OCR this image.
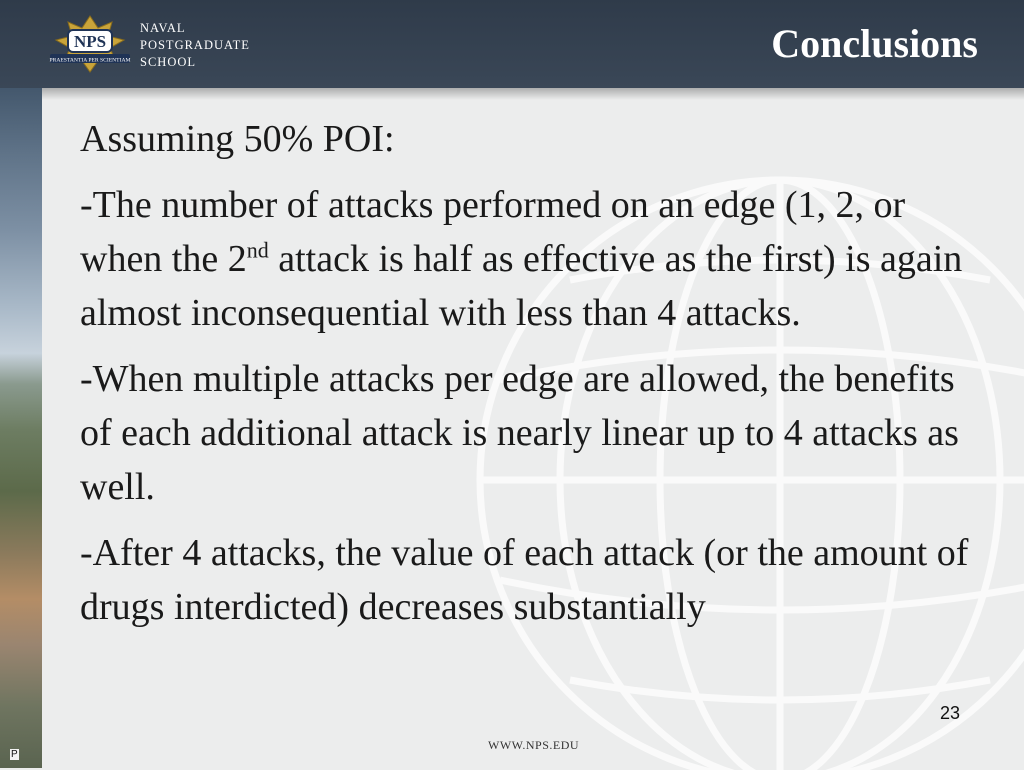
P
NPS
PRAESTANTIA PER SCIENTIAM
NAVAL
POSTGRADUATE
SCHOOL	Conclusions

Assuming 50% POI:

-The number of attacks performed on an edge (1, 2, or when the 2nd attack is half as effective as the first) is again almost inconsequential with less than 4 attacks.

-When multiple attacks per edge are allowed, the benefits of each additional attack is nearly linear up to 4 attacks as well.

-After 4 attacks, the value of each attack (or the amount of drugs interdicted) decreases substantially

23
WWW.NPS.EDU
